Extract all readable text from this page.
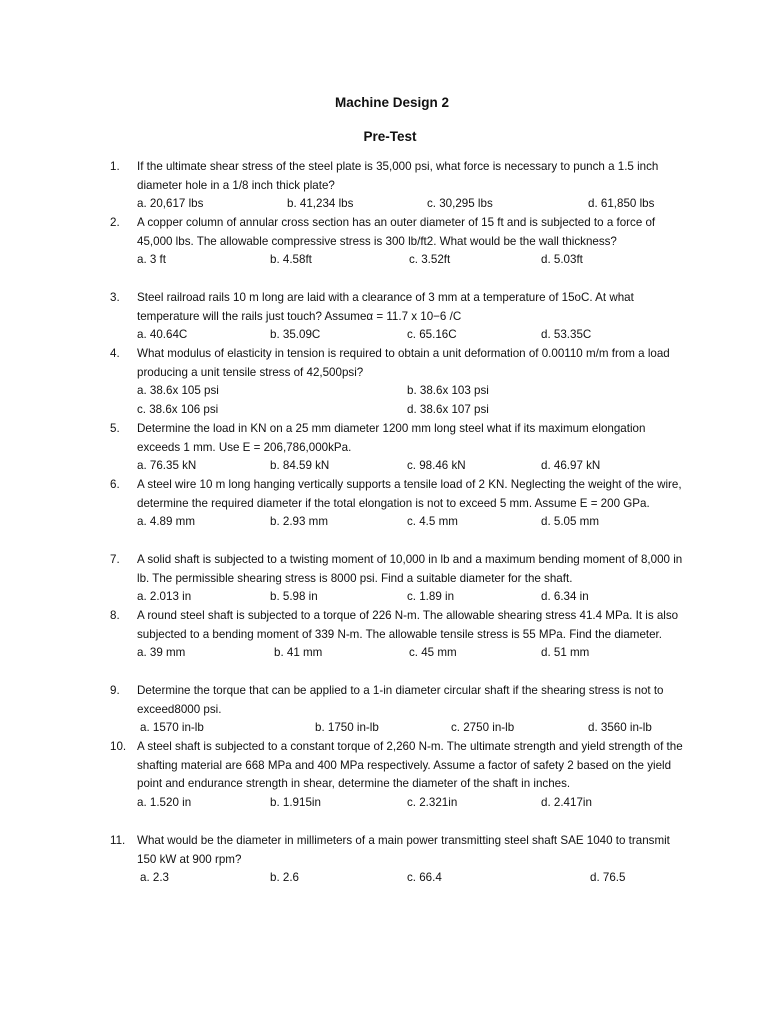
Machine Design 2
Pre-Test
1. If the ultimate shear stress of the steel plate is 35,000 psi, what force is necessary to punch a 1.5 inch diameter hole in a 1/8 inch thick plate?
a. 20,617 lbs	b. 41,234 lbs	c. 30,295 lbs	d. 61,850 lbs
2. A copper column of annular cross section has an outer diameter of 15 ft and is subjected to a force of 45,000 lbs. The allowable compressive stress is 300 lb/ft2. What would be the wall thickness?
a. 3 ft	b. 4.58ft	c. 3.52ft	d. 5.03ft
3. Steel railroad rails 10 m long are laid with a clearance of 3 mm at a temperature of 15oC. At what temperature will the rails just touch? Assumeα = 11.7 x 10−6 /C
a. 40.64C	b. 35.09C	c. 65.16C	d. 53.35C
4. What modulus of elasticity in tension is required to obtain a unit deformation of 0.00110 m/m from a load producing a unit tensile stress of 42,500psi?
a. 38.6x 105 psi	b. 38.6x 103 psi
c. 38.6x 106 psi	d. 38.6x 107 psi
5. Determine the load in KN on a 25 mm diameter 1200 mm long steel what if its maximum elongation exceeds 1 mm. Use E = 206,786,000kPa.
a. 76.35 kN	b. 84.59 kN	c. 98.46 kN	d. 46.97 kN
6. A steel wire 10 m long hanging vertically supports a tensile load of 2 KN. Neglecting the weight of the wire, determine the required diameter if the total elongation is not to exceed 5 mm. Assume E = 200 GPa.
a. 4.89 mm	b. 2.93 mm	c. 4.5 mm	d. 5.05 mm
7. A solid shaft is subjected to a twisting moment of 10,000 in lb and a maximum bending moment of 8,000 in lb. The permissible shearing stress is 8000 psi. Find a suitable diameter for the shaft.
a. 2.013 in	b. 5.98 in	c. 1.89 in	d. 6.34 in
8. A round steel shaft is subjected to a torque of 226 N-m. The allowable shearing stress 41.4 MPa. It is also subjected to a bending moment of 339 N-m. The allowable tensile stress is 55 MPa. Find the diameter.
a. 39 mm	b. 41 mm	c. 45 mm	d. 51 mm
9. Determine the torque that can be applied to a 1-in diameter circular shaft if the shearing stress is not to exceed8000 psi.
a. 1570 in-lb	b. 1750 in-lb	c. 2750 in-lb	d. 3560 in-lb
10. A steel shaft is subjected to a constant torque of 2,260 N-m. The ultimate strength and yield strength of the shafting material are 668 MPa and 400 MPa respectively. Assume a factor of safety 2 based on the yield point and endurance strength in shear, determine the diameter of the shaft in inches.
a. 1.520 in	b. 1.915in	c. 2.321in	d. 2.417in
11. What would be the diameter in millimeters of a main power transmitting steel shaft SAE 1040 to transmit 150 kW at 900 rpm?
a. 2.3	b. 2.6	c. 66.4	d. 76.5
